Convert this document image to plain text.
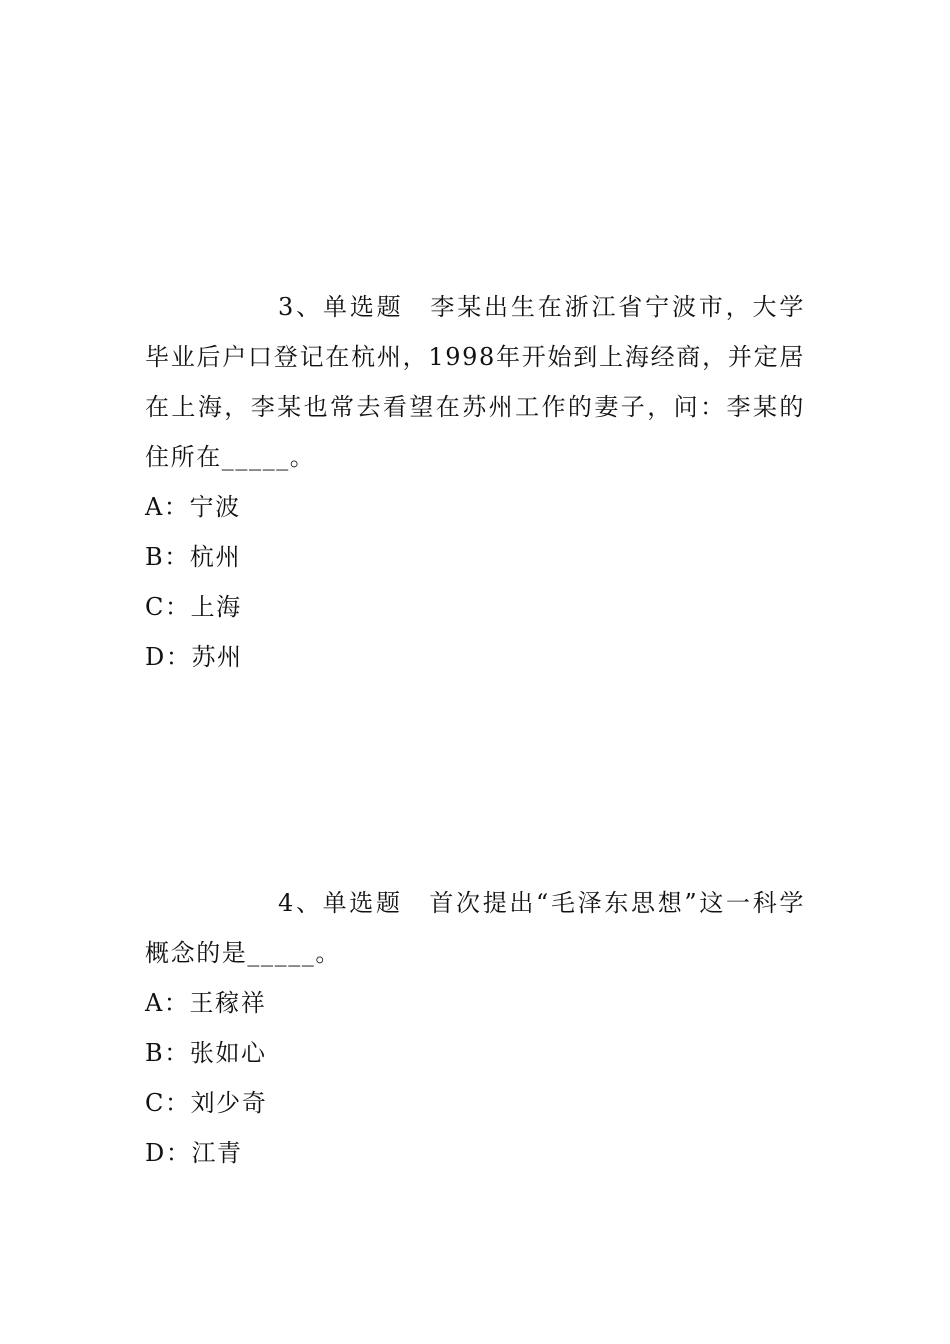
3、单选题　李某出生在浙江省宁波市，大学毕业后户口登记在杭州，1998年开始到上海经商，并定居在上海，李某也常去看望在苏州工作的妻子，问：李某的住所在_____。

A：宁波
B：杭州
C：上海
D：苏州

4、单选题　首次提出“毛泽东思想”这一科学概念的是_____。

A：王稼祥
B：张如心
C：刘少奇
D：江青
